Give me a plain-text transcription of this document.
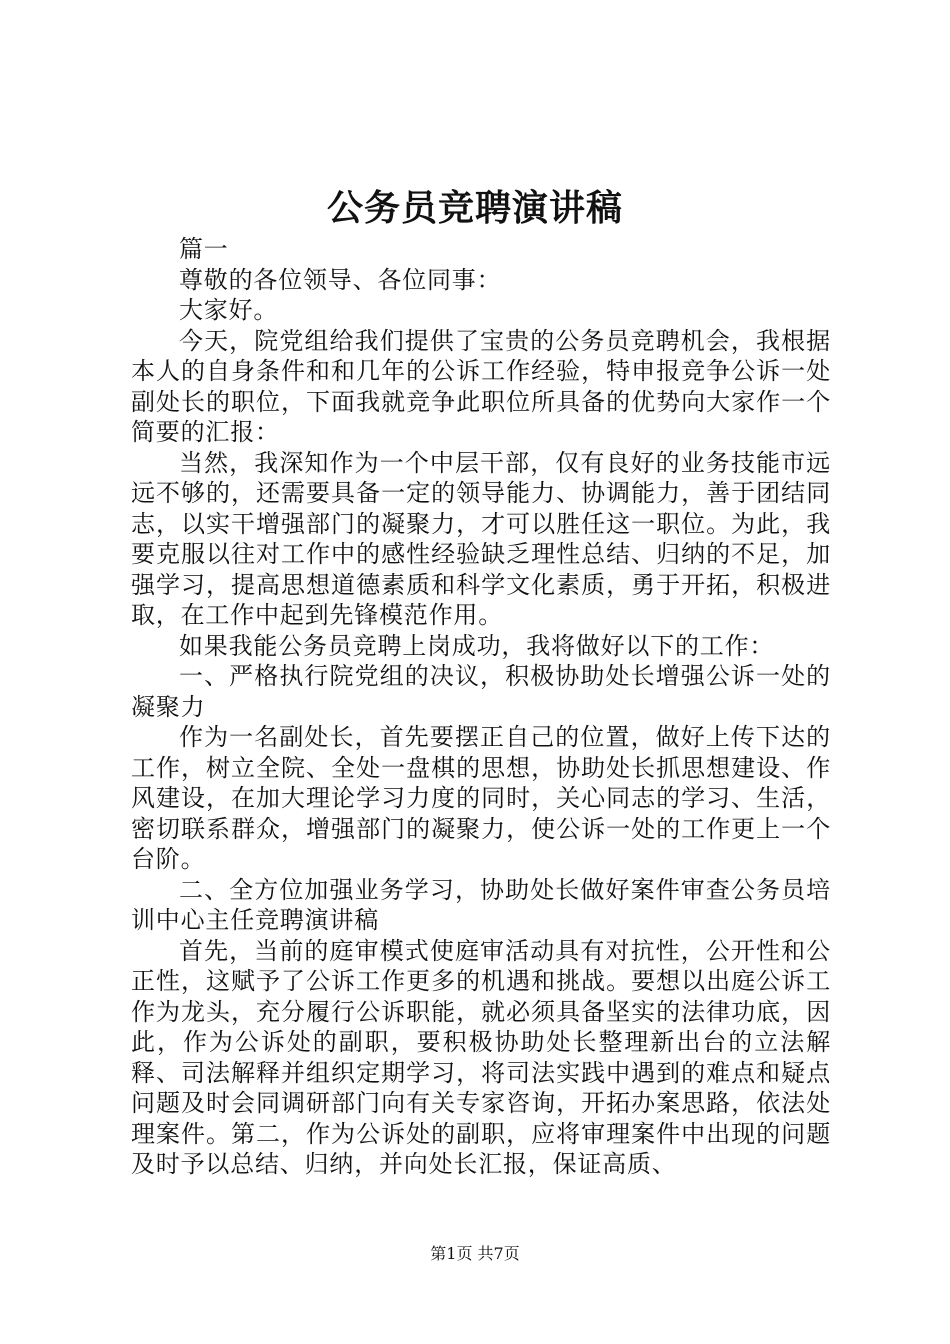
公务员竞聘演讲稿

篇一

尊敬的各位领导、各位同事：

大家好。

今天，院党组给我们提供了宝贵的公务员竞聘机会，我根据本人的自身条件和和几年的公诉工作经验，特申报竞争公诉一处副处长的职位，下面我就竞争此职位所具备的优势向大家作一个简要的汇报：

当然，我深知作为一个中层干部，仅有良好的业务技能市远远不够的，还需要具备一定的领导能力、协调能力，善于团结同志，以实干增强部门的凝聚力，才可以胜任这一职位。为此，我要克服以往对工作中的感性经验缺乏理性总结、归纳的不足，加强学习，提高思想道德素质和科学文化素质，勇于开拓，积极进取，在工作中起到先锋模范作用。

如果我能公务员竞聘上岗成功，我将做好以下的工作：

一、严格执行院党组的决议，积极协助处长增强公诉一处的凝聚力

作为一名副处长，首先要摆正自己的位置，做好上传下达的工作，树立全院、全处一盘棋的思想，协助处长抓思想建设、作风建设，在加大理论学习力度的同时，关心同志的学习、生活，密切联系群众，增强部门的凝聚力，使公诉一处的工作更上一个台阶。

二、全方位加强业务学习，协助处长做好案件审查公务员培训中心主任竞聘演讲稿

首先，当前的庭审模式使庭审活动具有对抗性，公开性和公正性，这赋予了公诉工作更多的机遇和挑战。要想以出庭公诉工作为龙头，充分履行公诉职能，就必须具备坚实的法律功底，因此，作为公诉处的副职，要积极协助处长整理新出台的立法解释、司法解释并组织定期学习，将司法实践中遇到的难点和疑点问题及时会同调研部门向有关专家咨询，开拓办案思路，依法处理案件。第二，作为公诉处的副职，应将审理案件中出现的问题及时予以总结、归纳，并向处长汇报，保证高质、

第1页 共7页
